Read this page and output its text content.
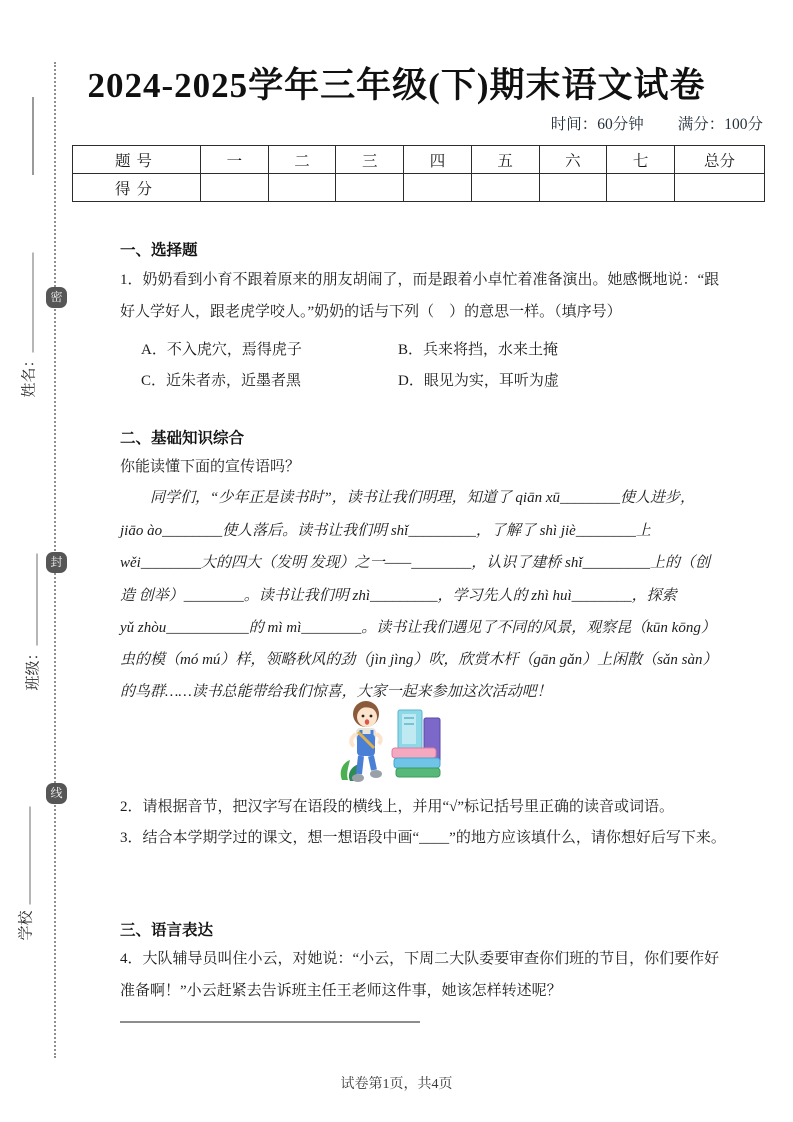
密
封
线
姓名：
班级：
学校
2024-2025学年三年级(下)期末语文试卷
时间：60分钟 满分：100分
题号	一	二	三	四	五	六	七	总分
得分								
一、选择题
1．奶奶看到小育不跟着原来的朋友胡闹了，而是跟着小卓忙着准备演出。她感慨地说：“跟
好人学好人，跟老虎学咬人。”奶奶的话与下列（　）的意思一样。（填序号）
A．不入虎穴，焉得虎子	B．兵来将挡，水来土掩
C．近朱者赤，近墨者黑	D．眼见为实，耳听为虚
二、基础知识综合
你能读懂下面的宣传语吗？
同学们，“少年正是读书时”，读书让我们明理，知道了 qiān xū________使人进步，
jiāo ào________使人落后。读书让我们明 shǐ_________，了解了 shì jiè________上
wěi________大的四大（发明 发现）之一——________，认识了建桥 shǐ_________上的（创
造 创举）________。读书让我们明 zhì_________，学习先人的 zhì huì________，探索
yǔ zhòu___________的 mì mì________。读书让我们遇见了不同的风景，观察昆（kūn kōng）
虫的模（mó mú）样，领略秋风的劲（jìn jìng）吹，欣赏木杆（gān gǎn）上闲散（sǎn sàn）
的鸟群……读书总能带给我们惊喜，大家一起来参加这次活动吧！
2．请根据音节，把汉字写在语段的横线上，并用“√”标记括号里正确的读音或词语。
3．结合本学期学过的课文，想一想语段中画“____”的地方应该填什么，请你想好后写下来。
三、语言表达
4．大队辅导员叫住小云，对她说：“小云，下周二大队委要审查你们班的节目，你们要作好
准备啊！”小云赶紧去告诉班主任王老师这件事，她该怎样转述呢？
试卷第1页，共4页
